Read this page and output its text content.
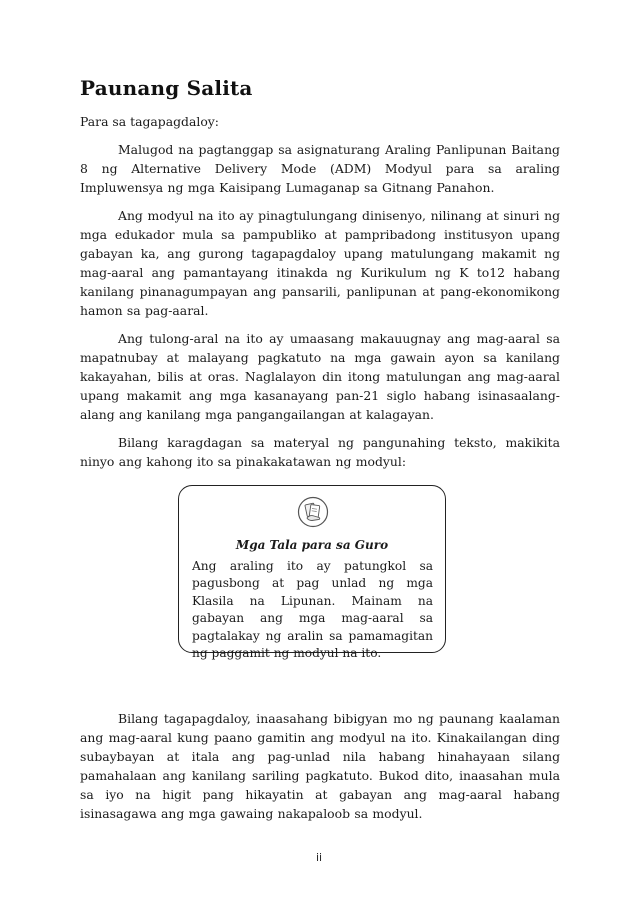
Paunang Salita

Para sa tagapagdaloy:

Malugod na pagtanggap sa asignaturang Araling Panlipunan Baitang 8 ng Alternative Delivery Mode (ADM) Modyul para sa araling Impluwensya ng mga Kaisipang Lumaganap sa Gitnang Panahon.

Ang modyul na ito ay pinagtulungang dinisenyo, nilinang at sinuri ng mga edukador mula sa pampubliko at pampribadong institusyon upang gabayan ka, ang gurong tagapagdaloy upang matulungang makamit ng mag-aaral ang pamantayang itinakda ng Kurikulum ng K to12 habang kanilang pinanagumpayan ang pansarili, panlipunan at pang-ekonomikong hamon sa pag-aaral.

Ang tulong-aral na ito ay umaasang makauugnay ang mag-aaral sa mapatnubay at malayang pagkatuto na mga gawain ayon sa kanilang kakayahan, bilis at oras. Naglalayon din itong matulungan ang mag-aaral upang makamit ang mga kasanayang pan-21 siglo habang isinasaalang-alang ang kanilang mga pangangailangan at kalagayan.

Bilang karagdagan sa materyal ng pangunahing teksto, makikita ninyo ang kahong ito sa pinakakatawan ng modyul:

Mga Tala para sa Guro
Ang araling ito ay patungkol sa pagusbong at pag unlad ng mga Klasila na Lipunan. Mainam na gabayan ang mga mag-aaral sa pagtalakay ng aralin sa pamamagitan ng paggamit ng modyul na ito.

Bilang tagapagdaloy, inaasahang bibigyan mo ng paunang kaalaman ang mag-aaral kung paano gamitin ang modyul na ito. Kinakailangan ding subaybayan at itala ang pag-unlad nila habang hinahayaan silang pamahalaan ang kanilang sariling pagkatuto. Bukod dito, inaasahan mula sa iyo na higit pang hikayatin at gabayan ang mag-aaral habang isinasagawa ang mga gawaing nakapaloob sa modyul.

ii
